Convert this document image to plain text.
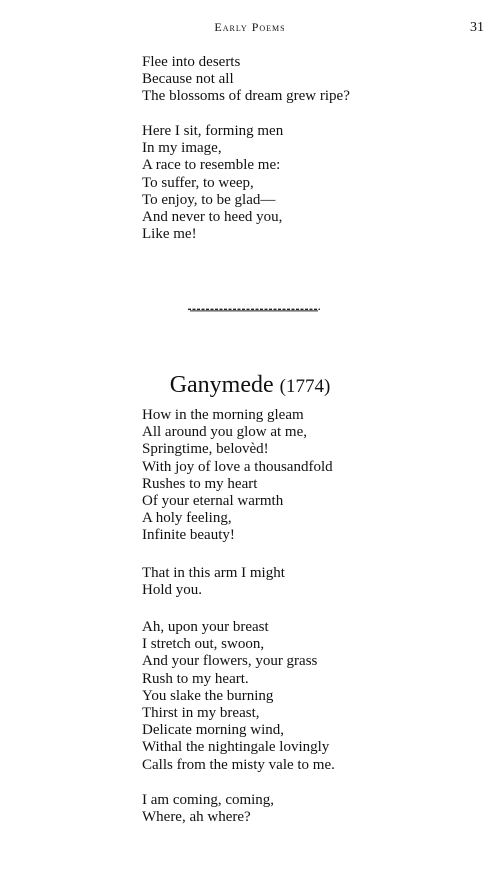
Early Poems	31
Flee into deserts
Because not all
The blossoms of dream grew ripe?
Here I sit, forming men
In my image,
A race to resemble me:
To suffer, to weep,
To enjoy, to be glad—
And never to heed you,
Like me!
Ganymede (1774)
How in the morning gleam
All around you glow at me,
Springtime, belovèd!
With joy of love a thousandfold
Rushes to my heart
Of your eternal warmth
A holy feeling,
Infinite beauty!
That in this arm I might
Hold you.
Ah, upon your breast
I stretch out, swoon,
And your flowers, your grass
Rush to my heart.
You slake the burning
Thirst in my breast,
Delicate morning wind,
Withal the nightingale lovingly
Calls from the misty vale to me.
I am coming, coming,
Where, ah where?
